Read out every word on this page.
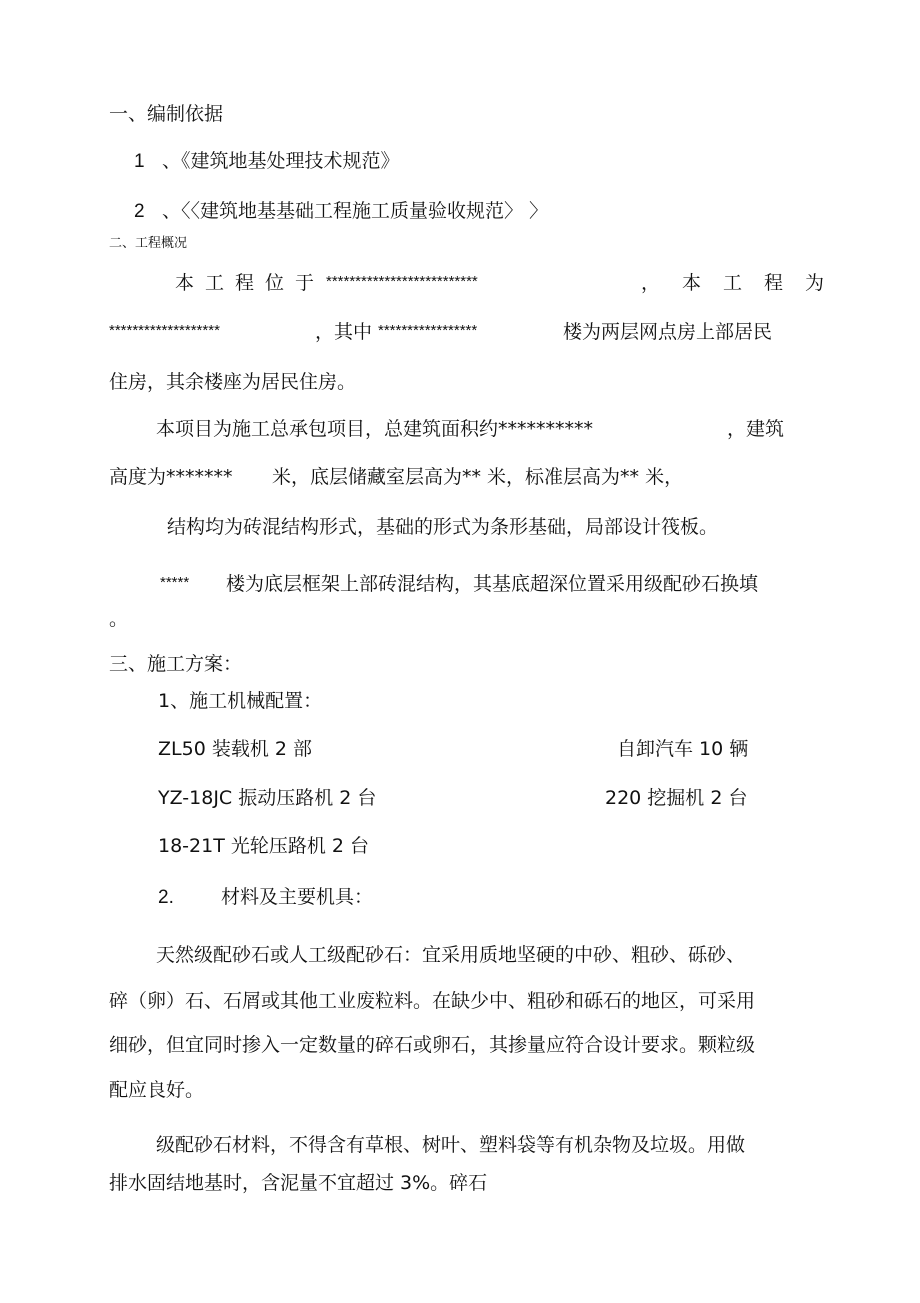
一、编制依据
1 、《建筑地基处理技术规范》
2 、〈〈建筑地基基础工程施工质量验收规范〉 〉
二、工程概况
本工程位于 **************************	，本工程为
*******************	，其中 *****************	楼为两层网点房上部居民
住房，其余楼座为居民住房。
本项目为施工总承包项目，总建筑面积约**********	，建筑
高度为******* 米，底层储藏室层高为** 米，标准层高为** 米，
结构均为砖混结构形式，基础的形式为条形基础，局部设计筏板。
***** 楼为底层框架上部砖混结构，其基底超深位置采用级配砂石换填
。
三、施工方案：
1、施工机械配置：
ZL50 装载机 2 部	自卸汽车 10 辆
YZ-18JC 振动压路机 2 台	220 挖掘机 2 台
18-21T 光轮压路机 2 台
2. 材料及主要机具：
天然级配砂石或人工级配砂石：宜采用质地坚硬的中砂、粗砂、砾砂、
碎（卵）石、石屑或其他工业废粒料。在缺少中、粗砂和砾石的地区，可采用
细砂，但宜同时掺入一定数量的碎石或卵石，其掺量应符合设计要求。颗粒级
配应良好。
级配砂石材料，不得含有草根、树叶、塑料袋等有机杂物及垃圾。用做
排水固结地基时，含泥量不宜超过 3%。碎石
